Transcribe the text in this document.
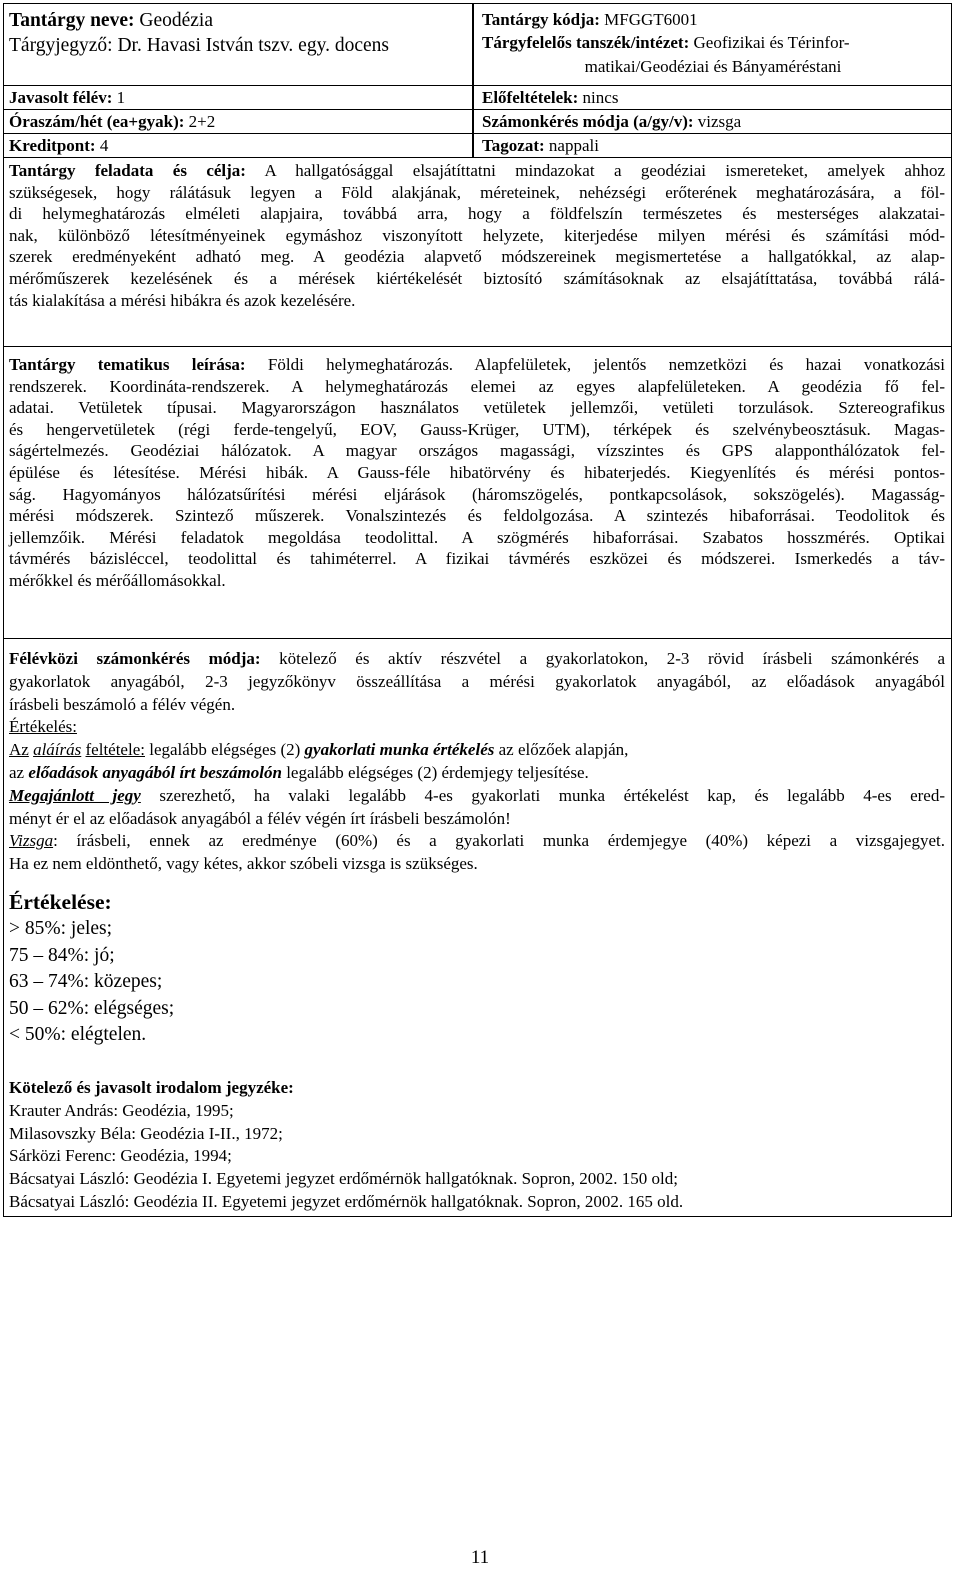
Tantárgy neve: Geodézia
Tárgyjegyző: Dr. Havasi István tszv. egy. docens
Tantárgy kódja: MFGGT6001
Tárgyfelelős tanszék/intézet: Geofizikai és Térinfor-
matikai/Geodéziai és Bányaméréstani
Javasolt félév: 1	Előfeltételek: nincs
Óraszám/hét (ea+gyak): 2+2	Számonkérés módja (a/gy/v): vizsga
Kreditpont: 4	Tagozat: nappali
Tantárgy feladata és célja: A hallgatósággal elsajátíttatni mindazokat a geodéziai ismereteket, amelyek ahhoz
szükségesek, hogy rálátásuk legyen a Föld alakjának, méreteinek, nehézségi erőterének meghatározására, a föl-
di helymeghatározás elméleti alapjaira, továbbá arra, hogy a földfelszín természetes és mesterséges alakzatai-
nak, különböző létesítményeinek egymáshoz viszonyított helyzete, kiterjedése milyen mérési és számítási mód-
szerek eredményeként adható meg. A geodézia alapvető módszereinek megismertetése a hallgatókkal, az alap-
mérőműszerek kezelésének és a mérések kiértékelését biztosító számításoknak az elsajátíttatása, továbbá rálá-
tás kialakítása a mérési hibákra és azok kezelésére.
Tantárgy tematikus leírása: Földi helymeghatározás. Alapfelületek, jelentős nemzetközi és hazai vonatkozási
rendszerek. Koordináta-rendszerek. A helymeghatározás elemei az egyes alapfelületeken. A geodézia fő fel-
adatai. Vetületek típusai. Magyarországon használatos vetületek jellemzői, vetületi torzulások. Sztereografikus
és hengervetületek (régi ferde-tengelyű, EOV, Gauss-Krüger, UTM), térképek és szelvénybeosztásuk. Magas-
ságértelmezés. Geodéziai hálózatok. A magyar országos magassági, vízszintes és GPS alapponthálózatok fel-
épülése és létesítése. Mérési hibák. A Gauss-féle hibatörvény és hibaterjedés. Kiegyenlítés és mérési pontos-
ság. Hagyományos hálózatsűrítési mérési eljárások (háromszögelés, pontkapcsolások, sokszögelés). Magasság-
mérési módszerek. Szintező műszerek. Vonalszintezés és feldolgozása. A szintezés hibaforrásai. Teodolitok és
jellemzőik. Mérési feladatok megoldása teodolittal. A szögmérés hibaforrásai. Szabatos hosszmérés. Optikai
távmérés bázisléccel, teodolittal és tahiméterrel. A fizikai távmérés eszközei és módszerei. Ismerkedés a táv-
mérőkkel és mérőállomásokkal.
Félévközi számonkérés módja: kötelező és aktív részvétel a gyakorlatokon, 2-3 rövid írásbeli számonkérés a
gyakorlatok anyagából, 2-3 jegyzőkönyv összeállítása a mérési gyakorlatok anyagából, az előadások anyagából
írásbeli beszámoló a félév végén.
Értékelés:
Az aláírás feltétele: legalább elégséges (2) gyakorlati munka értékelés az előzőek alapján,
az előadások anyagából írt beszámolón legalább elégséges (2) érdemjegy teljesítése.
Megajánlott jegy szerezhető, ha valaki legalább 4-es gyakorlati munka értékelést kap, és legalább 4-es ered-
ményt ér el az előadások anyagából a félév végén írt írásbeli beszámolón!
Vizsga: írásbeli, ennek az eredménye (60%) és a gyakorlati munka érdemjegye (40%) képezi a vizsgajegyet.
Ha ez nem eldönthető, vagy kétes, akkor szóbeli vizsga is szükséges.
Értékelése:
> 85%: jeles;
75 – 84%: jó;
63 – 74%: közepes;
50 – 62%: elégséges;
< 50%: elégtelen.
Kötelező és javasolt irodalom jegyzéke:
Krauter András: Geodézia, 1995;
Milasovszky Béla: Geodézia I-II., 1972;
Sárközi Ferenc: Geodézia, 1994;
Bácsatyai László: Geodézia I. Egyetemi jegyzet erdőmérnök hallgatóknak. Sopron, 2002. 150 old;
Bácsatyai László: Geodézia II. Egyetemi jegyzet erdőmérnök hallgatóknak. Sopron, 2002. 165 old.
11
